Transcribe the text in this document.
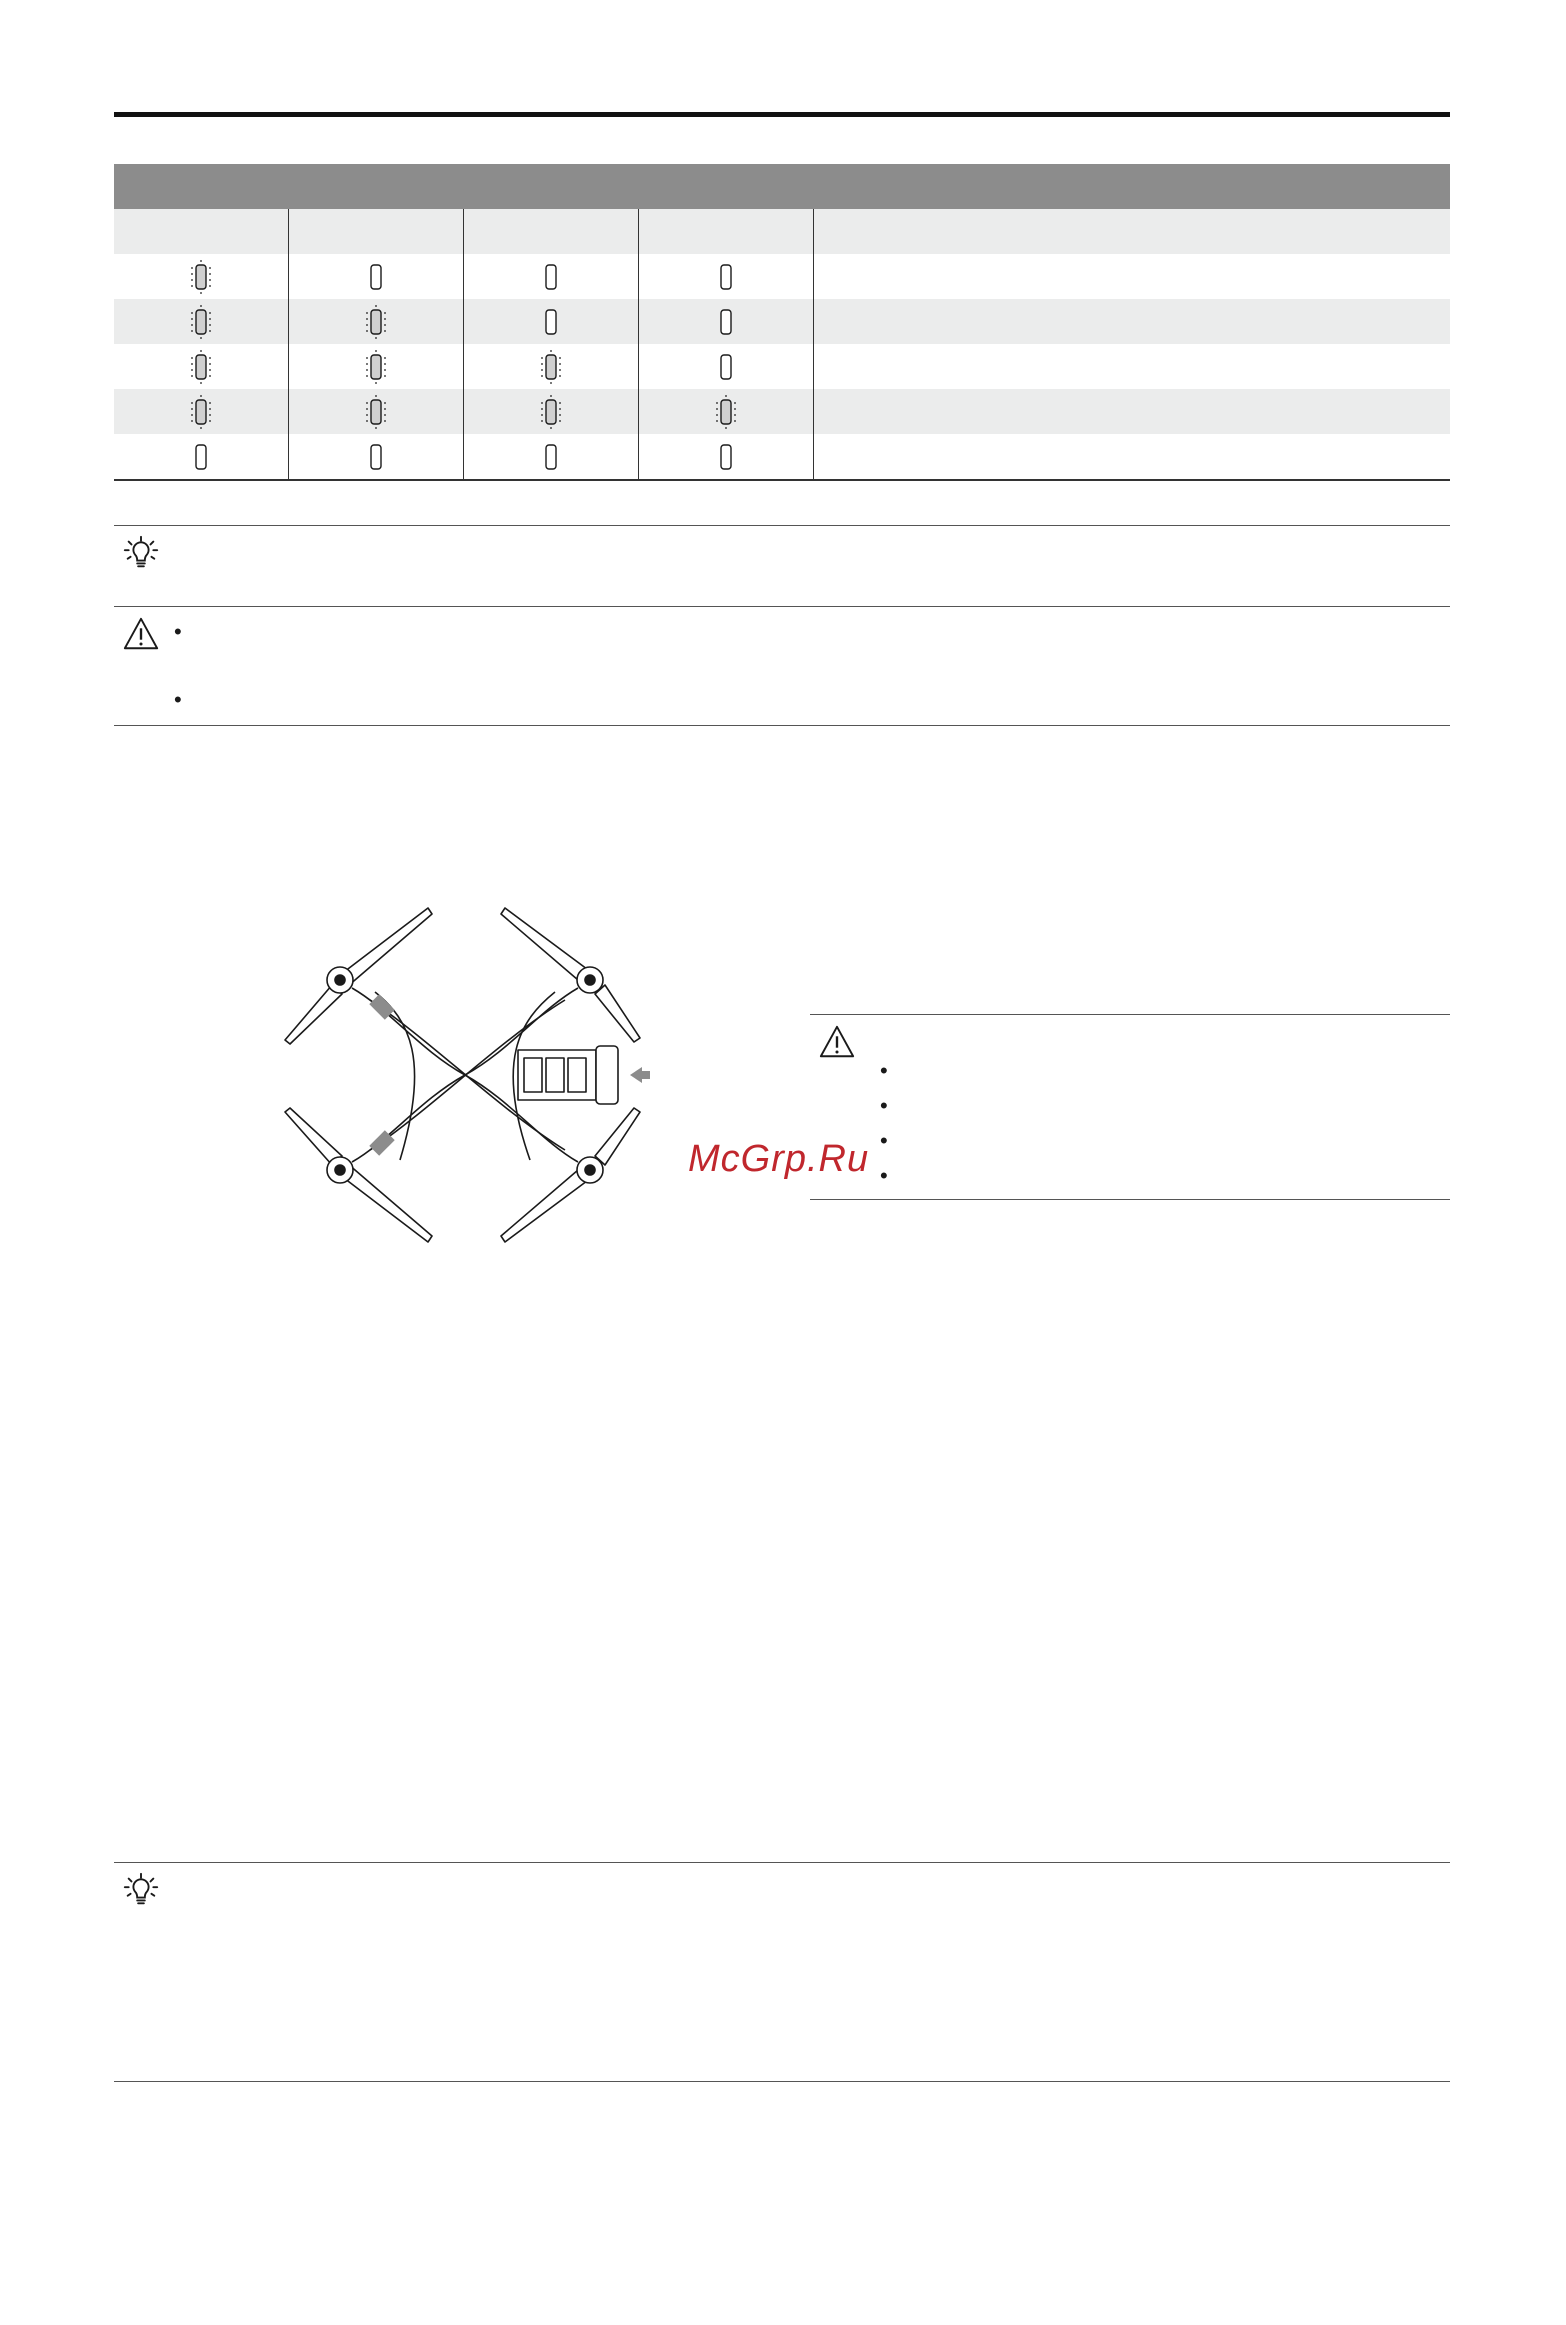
•
•
•
•
•
•
McGrp.Ru
